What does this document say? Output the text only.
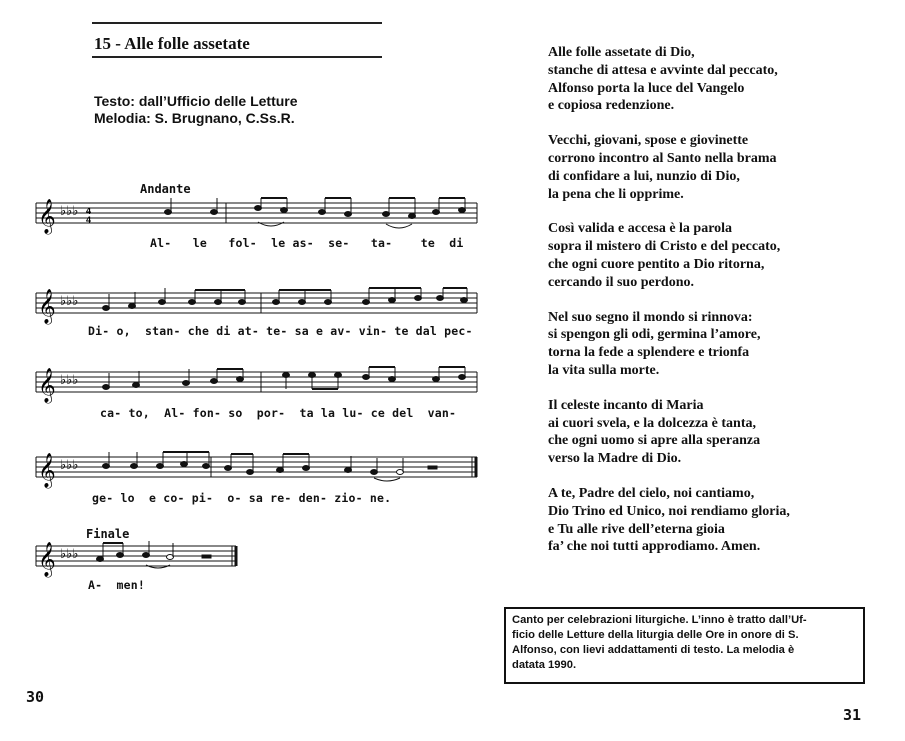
15 - Alle folle assetate
Testo: dall’Ufficio delle Letture
Melodia: S. Brugnano, C.Ss.R.
Andante
𝄞 ♭♭♭ 4
4
Al-   le   fol-  le as-  se-   ta-    te  di
𝄞 ♭♭♭
Di- o,  stan- che di at- te- sa e av- vin- te dal pec-
𝄞 ♭♭♭
ca- to,  Al- fon- so  por-  ta la lu- ce del  van-
𝄞 ♭♭♭
ge- lo  e co- pi-  o- sa re- den- zio- ne.
Finale
𝄞 ♭♭♭
A-  men!
Alle folle assetate di Dio,
stanche di attesa e avvinte dal peccato,
Alfonso porta la luce del Vangelo
e copiosa redenzione.
Vecchi, giovani, spose e giovinette
corrono incontro al Santo nella brama
di confidare a lui, nunzio di Dio,
la pena che li opprime.
Così valida e accesa è la parola
sopra il mistero di Cristo e del peccato,
che ogni cuore pentito a Dio ritorna,
cercando il suo perdono.
Nel suo segno il mondo si rinnova:
si spengon gli odi, germina l’amore,
torna la fede a splendere e trionfa
la vita sulla morte.
Il celeste incanto di Maria
ai cuori svela, e la dolcezza è tanta,
che ogni uomo si apre alla speranza
verso la Madre di Dio.
A te, Padre del cielo, noi cantiamo,
Dio Trino ed Unico, noi rendiamo gloria,
e Tu alle rive dell’eterna gioia
fa’ che noi tutti approdiamo. Amen.
Canto per celebrazioni liturgiche. L’inno è tratto dall’Uf-
ficio delle Letture della liturgia delle Ore in onore di S.
Alfonso, con lievi addattamenti di testo. La melodia è
datata 1990.
30
31
